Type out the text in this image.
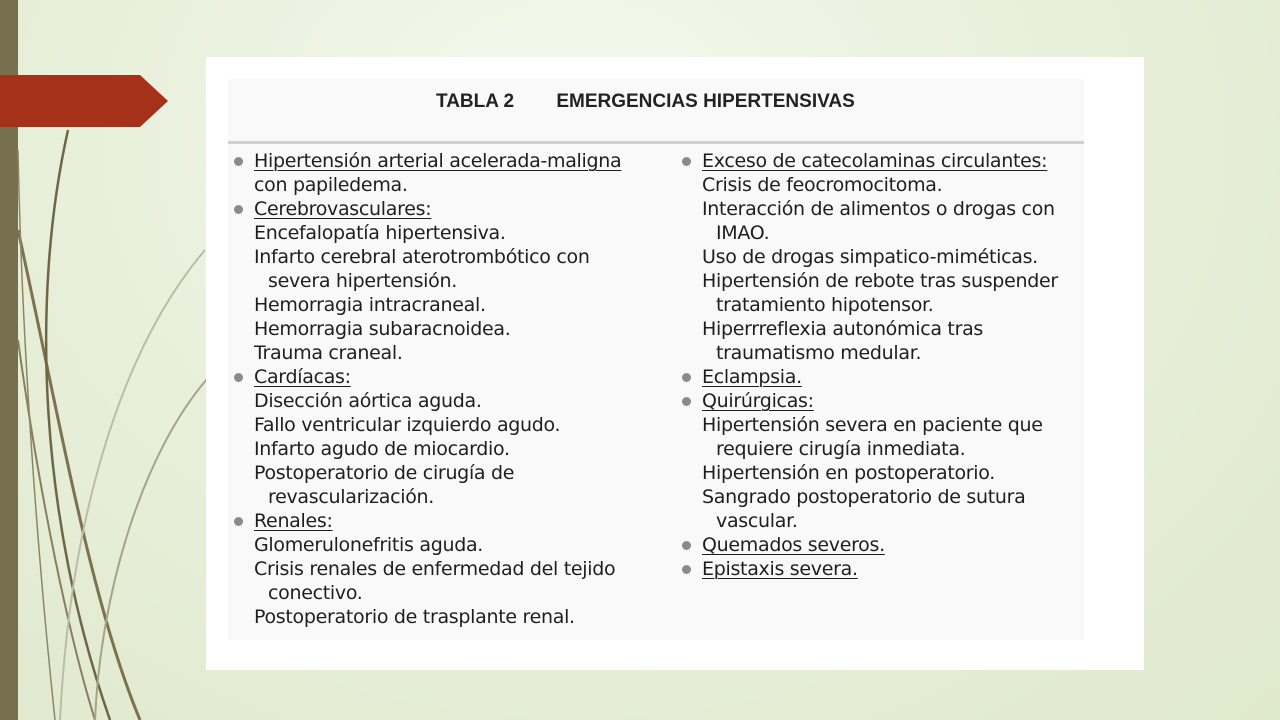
TABLA 2        EMERGENCIAS HIPERTENSIVAS
Hipertensión arterial acelerada-maligna
con papiledema.
Cerebrovasculares:
Encefalopatía hipertensiva.
Infarto cerebral aterotrombótico con
severa hipertensión.
Hemorragia intracraneal.
Hemorragia subaracnoidea.
Trauma craneal.
Cardíacas:
Disección aórtica aguda.
Fallo ventricular izquierdo agudo.
Infarto agudo de miocardio.
Postoperatorio de cirugía de
revascularización.
Renales:
Glomerulonefritis aguda.
Crisis renales de enfermedad del tejido
conectivo.
Postoperatorio de trasplante renal.
Exceso de catecolaminas circulantes:
Crisis de feocromocitoma.
Interacción de alimentos o drogas con
IMAO.
Uso de drogas simpatico-miméticas.
Hipertensión de rebote tras suspender
tratamiento hipotensor.
Hiperrreflexia autonómica tras
traumatismo medular.
Eclampsia.
Quirúrgicas:
Hipertensión severa en paciente que
requiere cirugía inmediata.
Hipertensión en postoperatorio.
Sangrado postoperatorio de sutura
vascular.
Quemados severos.
Epistaxis severa.
